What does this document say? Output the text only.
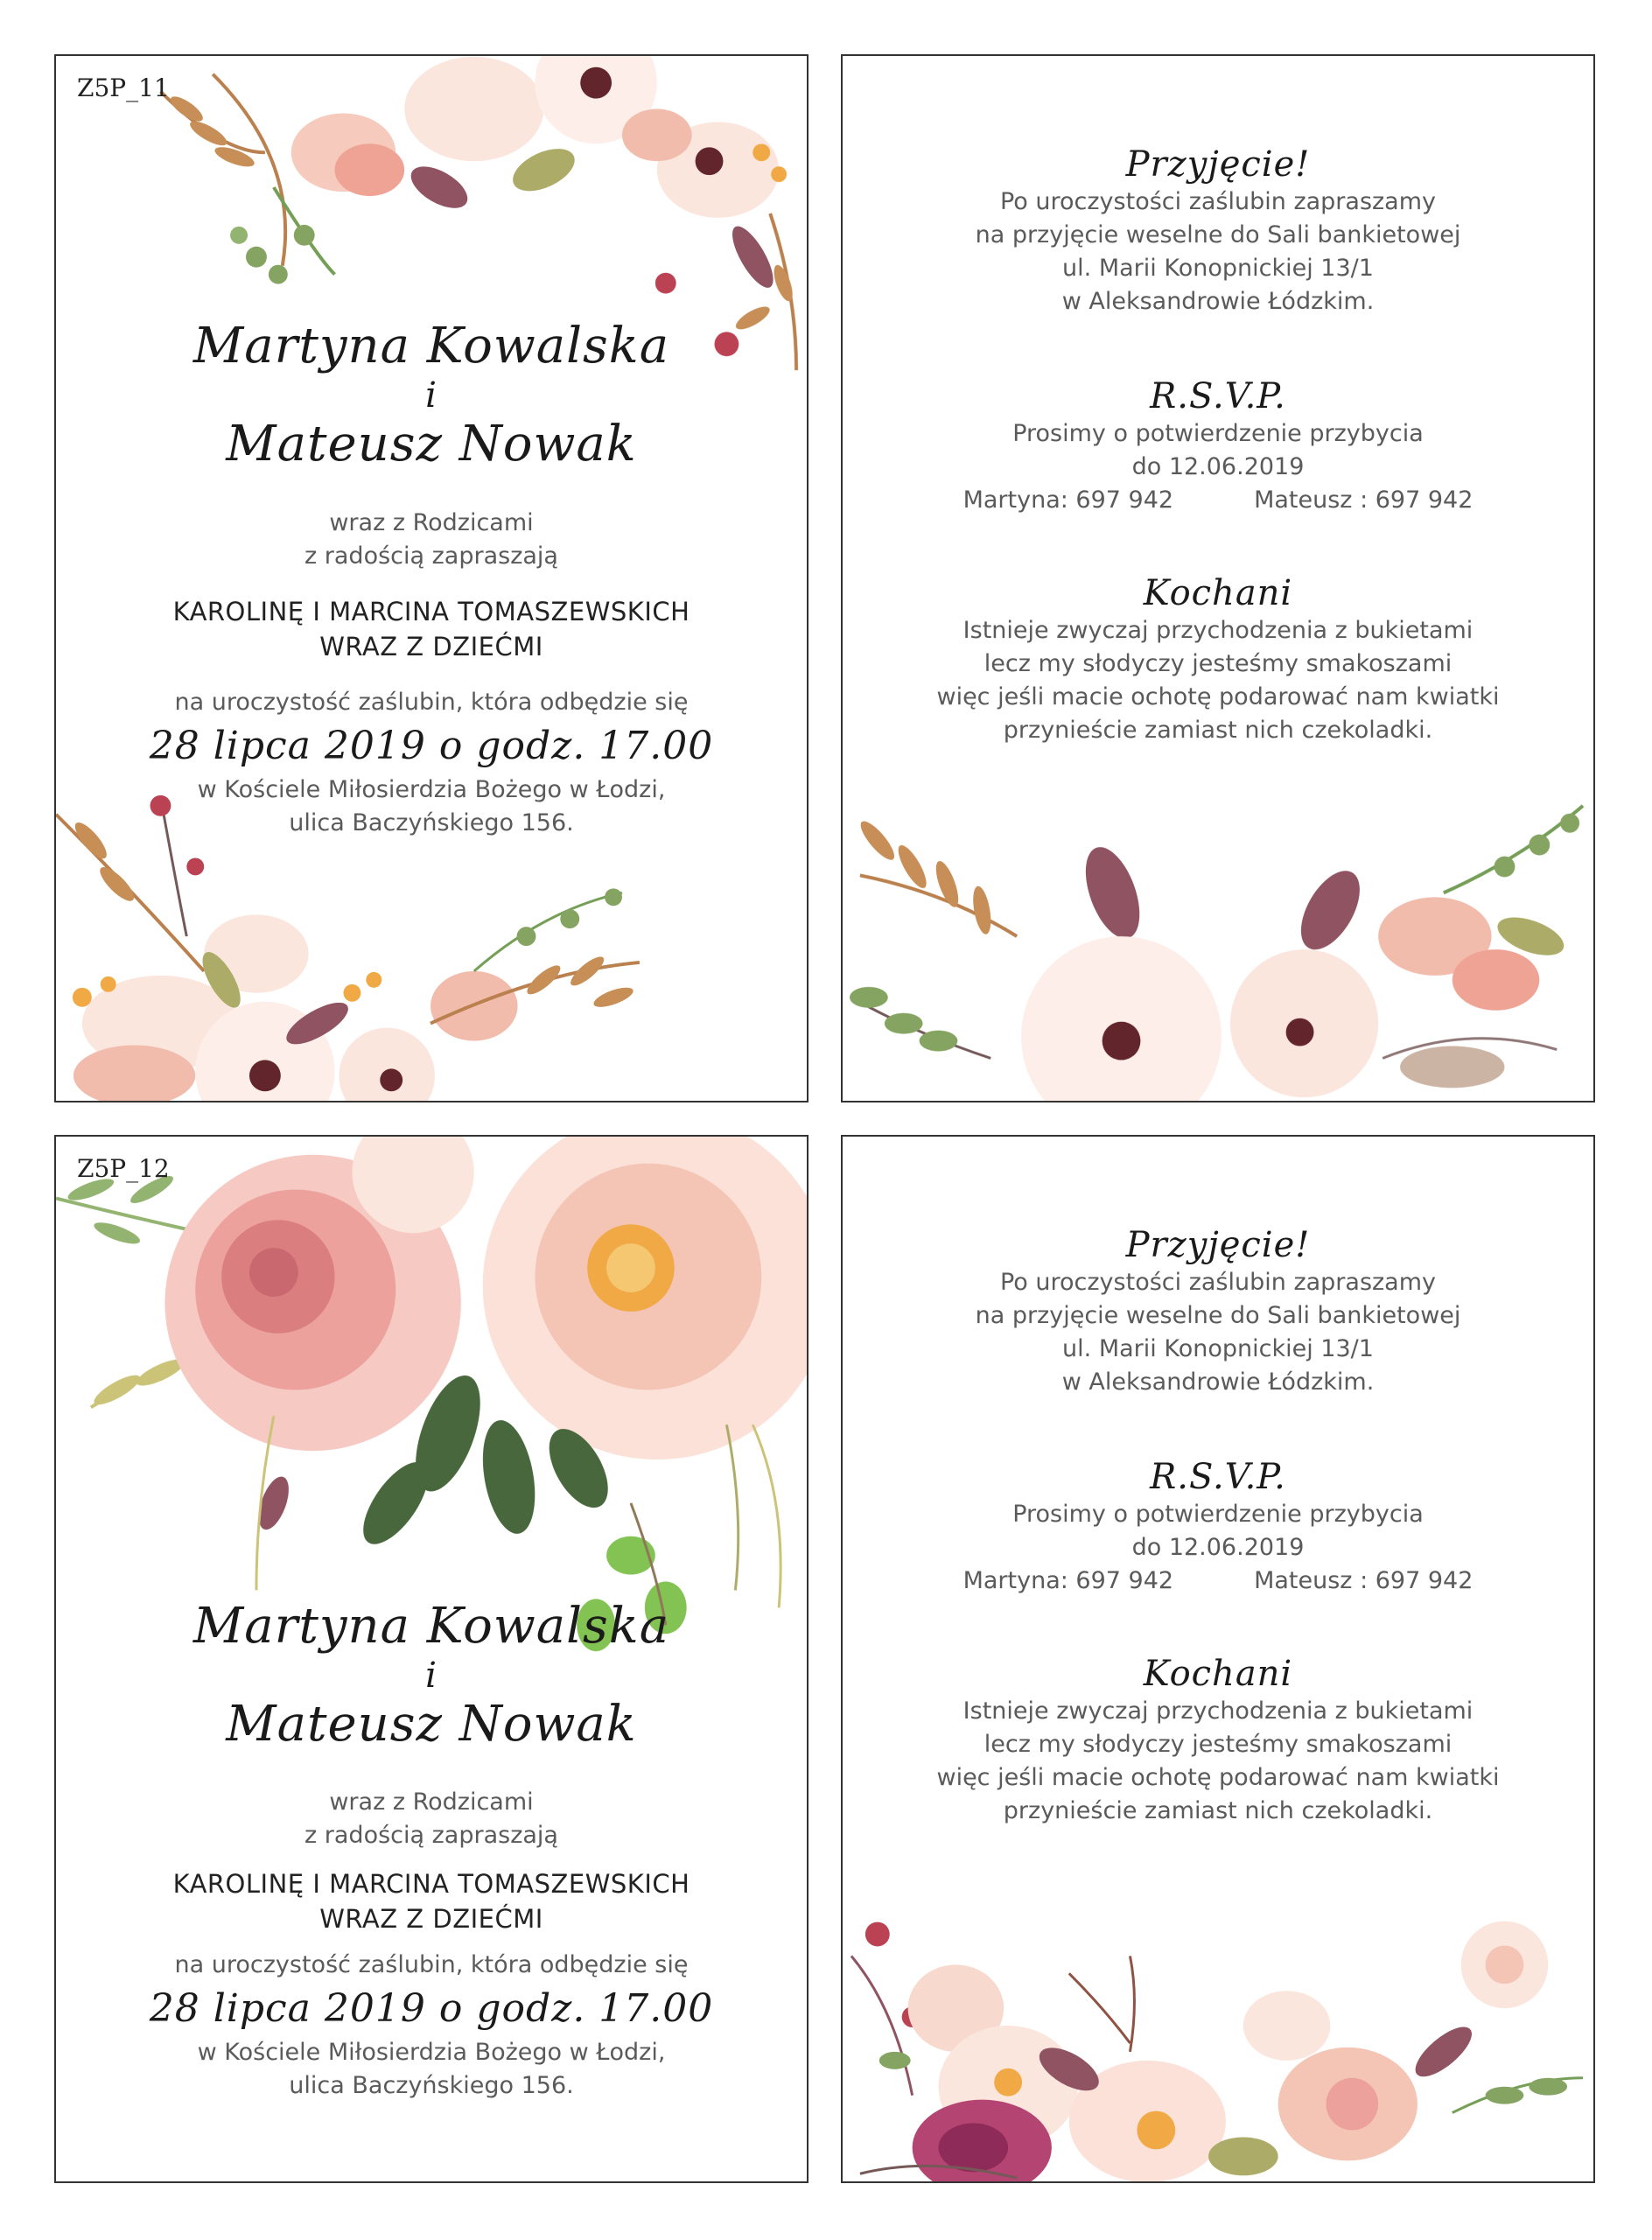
Z5P_11
Martyna Kowalska
i
Mateusz Nowak
wraz z Rodzicami
z radością zapraszają
KAROLINĘ I MARCINA TOMASZEWSKICH
WRAZ Z DZIEĆMI
na uroczystość zaślubin, która odbędzie się
28 lipca 2019 o godz. 17.00
w Kościele Miłosierdzia Bożego w Łodzi,
ulica Baczyńskiego 156.
Przyjęcie!
Po uroczystości zaślubin zapraszamy
na przyjęcie weselne do Sali bankietowej
ul. Marii Konopnickiej 13/1
w Aleksandrowie Łódzkim.
R.S.V.P.
Prosimy o potwierdzenie przybycia
do 12.06.2019
Martyna: 697 942	Mateusz : 697 942
Kochani
Istnieje zwyczaj przychodzenia z bukietami
lecz my słodyczy jesteśmy smakoszami
więc jeśli macie ochotę podarować nam kwiatki
przynieście zamiast nich czekoladki.
Z5P_12
Martyna Kowalska
i
Mateusz Nowak
wraz z Rodzicami
z radością zapraszają
KAROLINĘ I MARCINA TOMASZEWSKICH
WRAZ Z DZIEĆMI
na uroczystość zaślubin, która odbędzie się
28 lipca 2019 o godz. 17.00
w Kościele Miłosierdzia Bożego w Łodzi,
ulica Baczyńskiego 156.
Przyjęcie!
Po uroczystości zaślubin zapraszamy
na przyjęcie weselne do Sali bankietowej
ul. Marii Konopnickiej 13/1
w Aleksandrowie Łódzkim.
R.S.V.P.
Prosimy o potwierdzenie przybycia
do 12.06.2019
Martyna: 697 942	Mateusz : 697 942
Kochani
Istnieje zwyczaj przychodzenia z bukietami
lecz my słodyczy jesteśmy smakoszami
więc jeśli macie ochotę podarować nam kwiatki
przynieście zamiast nich czekoladki.
